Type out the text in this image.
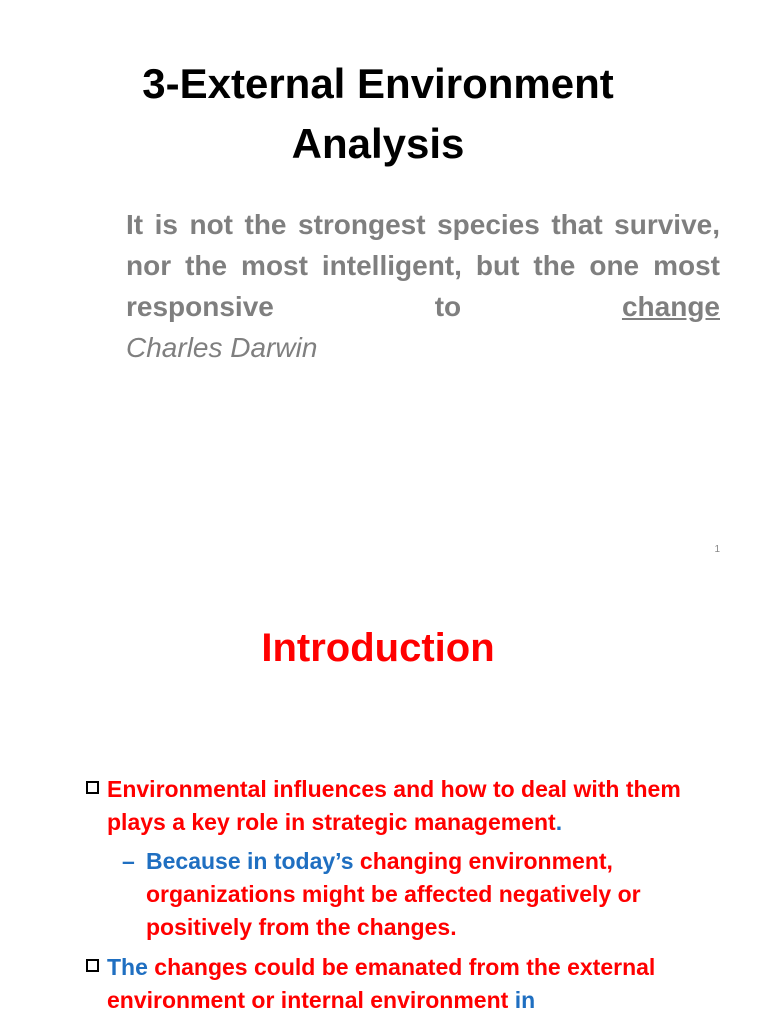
3-External Environment
Analysis
It is not the strongest species that survive, nor the most intelligent, but the one most responsive to change
Charles Darwin
1
Introduction
Environmental influences and how to deal with them plays a key role in strategic management.
– Because in today’s changing environment, organizations might be affected negatively or positively from the changes.
The changes could be emanated from the external environment or internal environment in
